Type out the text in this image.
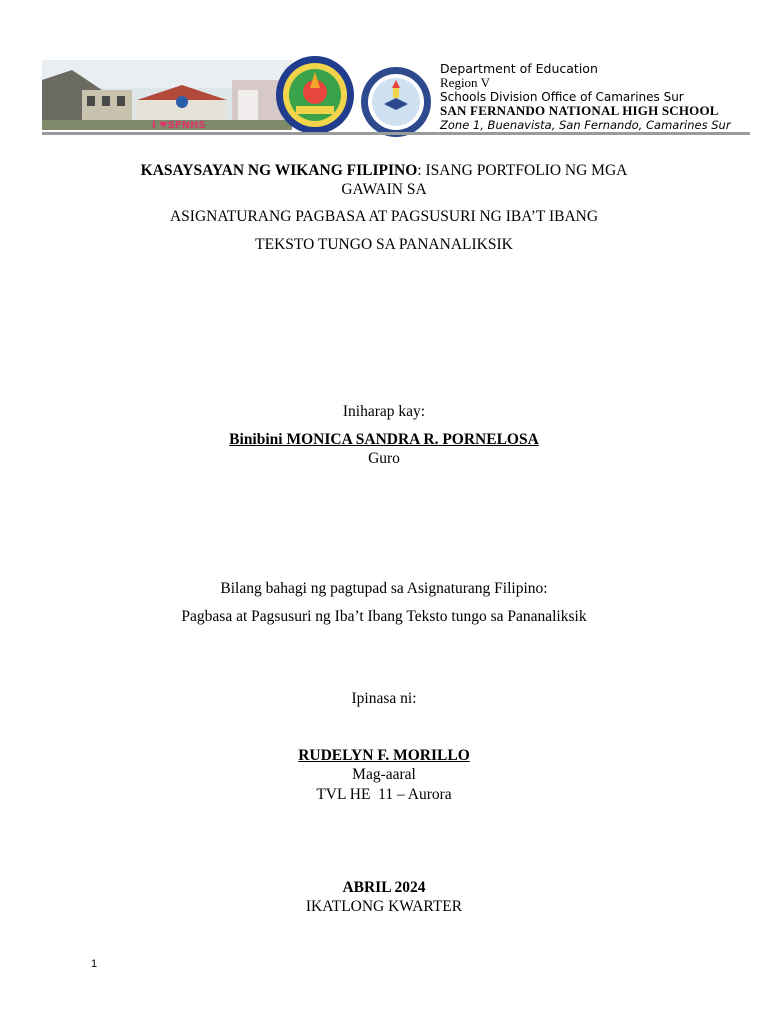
I ❤SFNHS
Department of Education
Region V
Schools Division Office of Camarines Sur
SAN FERNANDO NATIONAL HIGH SCHOOL
Zone 1, Buenavista, San Fernando, Camarines Sur
KASAYSAYAN NG WIKANG FILIPINO: ISANG PORTFOLIO NG MGA
GAWAIN SA
ASIGNATURANG PAGBASA AT PAGSUSURI NG IBA’T IBANG
TEKSTO TUNGO SA PANANALIKSIK
Iniharap kay:
Binibini MONICA SANDRA R. PORNELOSA
Guro
Bilang bahagi ng pagtupad sa Asignaturang Filipino:
Pagbasa at Pagsusuri ng Iba’t Ibang Teksto tungo sa Pananaliksik
Ipinasa ni:
RUDELYN F. MORILLO
Mag-aaral
TVL HE  11 – Aurora
ABRIL 2024
IKATLONG KWARTER
1
